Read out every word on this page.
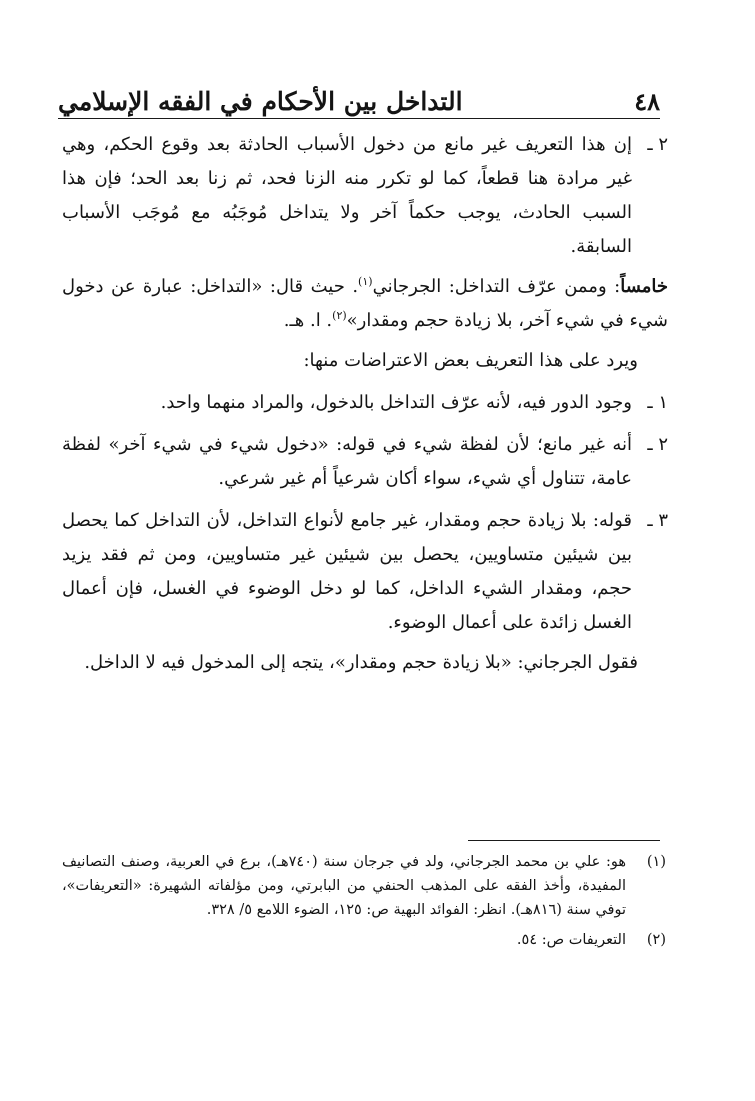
٤٨
التداخل بين الأحكام في الفقه الإسلامي
٢ ـ
إن هذا التعريف غير مانع من دخول الأسباب الحادثة بعد وقوع الحكم، وهي غير مرادة هنا قطعاً، كما لو تكرر منه الزنا فحد، ثم زنا بعد الحد؛ فإن هذا السبب الحادث، يوجب حكماً آخر ولا يتداخل مُوجَبُه مع مُوجَب الأسباب السابقة.

خامساً: وممن عرّف التداخل: الجرجاني$^{(١)}$. حيث قال: «التداخل: عبارة عن دخول شيء في شيء آخر، بلا زيادة حجم ومقدار»$^{(٢)}$. ا. هـ.

ويرد على هذا التعريف بعض الاعتراضات منها:

١ ـ
وجود الدور فيه، لأنه عرّف التداخل بالدخول، والمراد منهما واحد.
٢ ـ
أنه غير مانع؛ لأن لفظة شيء في قوله: «دخول شيء في شيء آخر» لفظة عامة، تتناول أي شيء، سواء أكان شرعياً أم غير شرعي.
٣ ـ
قوله: بلا زيادة حجم ومقدار، غير جامع لأنواع التداخل، لأن التداخل كما يحصل بين شيئين متساويين، يحصل بين شيئين غير متساويين، ومن ثم فقد يزيد حجم، ومقدار الشيء الداخل، كما لو دخل الوضوء في الغسل، فإن أعمال الغسل زائدة على أعمال الوضوء.

فقول الجرجاني: «بلا زيادة حجم ومقدار»، يتجه إلى المدخول فيه لا الداخل.

(١)
هو: علي بن محمد الجرجاني، ولد في جرجان سنة (٧٤٠هـ)، برع في العربية، وصنف التصانيف المفيدة، وأخذ الفقه على المذهب الحنفي من البابرتي، ومن مؤلفاته الشهيرة: «التعريفات»، توفي سنة (٨١٦هـ). انظر: الفوائد البهية ص: ١٢٥، الضوء اللامع ٥/ ٣٢٨.
(٢)
التعريفات ص: ٥٤.
